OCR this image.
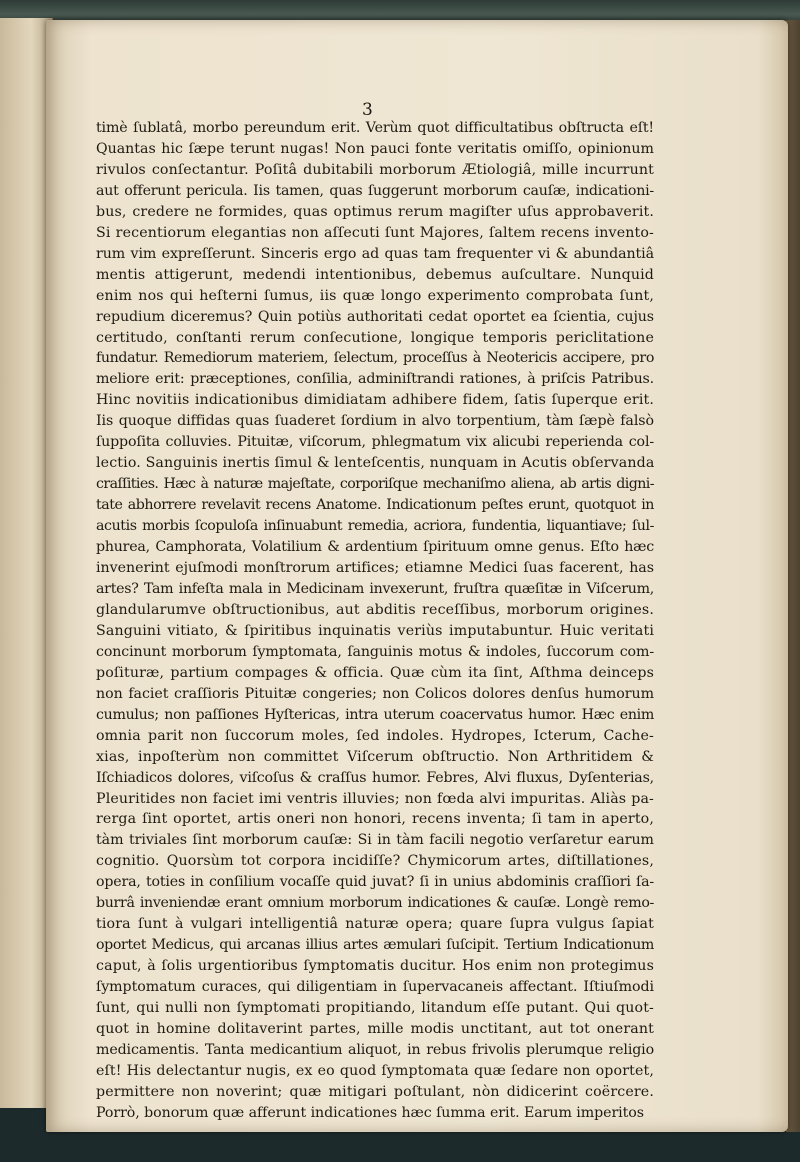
3
timè ſublatâ, morbo pereundum erit. Verùm quot difficultatibus obſtructa eſt!
Quantas hic ſæpe terunt nugas! Non pauci fonte veritatis omiſſo, opinionum
rivulos conſectantur. Poſitâ dubitabili morborum Ætiologiâ, mille incurrunt
aut offerunt pericula. Iis tamen, quas ſuggerunt morborum cauſæ, indicationi-
bus, credere ne formides, quas optimus rerum magiſter uſus approbaverit.
Si recentiorum elegantias non aſſecuti ſunt Majores, ſaltem recens invento-
rum vim expreſſerunt. Sinceris ergo ad quas tam frequenter vi & abundantiâ
mentis attigerunt, medendi intentionibus, debemus auſcultare. Nunquid
enim nos qui heſterni ſumus, iis quæ longo experimento comprobata ſunt,
repudium diceremus? Quin potiùs authoritati cedat oportet ea ſcientia, cujus
certitudo, conſtanti rerum conſecutione, longique temporis periclitatione
fundatur. Remediorum materiem, ſelectum, proceſſus à Neotericis accipere, pro
meliore erit: præceptiones, conſilia, adminiſtrandi rationes, à priſcis Patribus.
Hinc novitiis indicationibus dimidiatam adhibere fidem, ſatis ſuperque erit.
Iis quoque diffidas quas ſuaderet ſordium in alvo torpentium, tàm ſæpè falsò
ſuppoſita colluvies. Pituitæ, viſcorum, phlegmatum vix alicubi reperienda col-
lectio. Sanguinis inertis ſimul & lenteſcentis, nunquam in Acutis obſervanda
craſſities. Hæc à naturæ majeſtate, corporiſque mechaniſmo aliena, ab artis digni-
tate abhorrere revelavit recens Anatome. Indicationum peſtes erunt, quotquot in
acutis morbis ſcopuloſa inſinuabunt remedia, acriora, fundentia, liquantiave; ſul-
phurea, Camphorata, Volatilium & ardentium ſpirituum omne genus. Eſto hæc
invenerint ejuſmodi monſtrorum artifices; etiamne Medici ſuas facerent, has
artes? Tam infeſta mala in Medicinam invexerunt, fruſtra quæſitæ in Viſcerum,
glandularumve obſtructionibus, aut abditis receſſibus, morborum origines.
Sanguini vitiato, & ſpiritibus inquinatis veriùs imputabuntur. Huic veritati
concinunt morborum ſymptomata, ſanguinis motus & indoles, ſuccorum com-
poſituræ, partium compages & officia. Quæ cùm ita ſint, Aſthma deinceps
non faciet craſſioris Pituitæ congeries; non Colicos dolores denſus humorum
cumulus; non paſſiones Hyſtericas, intra uterum coacervatus humor. Hæc enim
omnia parit non ſuccorum moles, ſed indoles. Hydropes, Icterum, Cache-
xias, inpoſterùm non committet Viſcerum obſtructio. Non Arthritidem &
Iſchiadicos dolores, viſcoſus & craſſus humor. Febres, Alvi fluxus, Dyſenterias,
Pleuritides non faciet imi ventris illuvies; non fœda alvi impuritas. Aliàs pa-
rerga ſint oportet, artis oneri non honori, recens inventa; ſi tam in aperto,
tàm triviales ſint morborum cauſæ: Si in tàm facili negotio verſaretur earum
cognitio. Quorsùm tot corpora incidiſſe? Chymicorum artes, diſtillationes,
opera, toties in conſilium vocaſſe quid juvat? ſi in unius abdominis craſſiori ſa-
burrâ inveniendæ erant omnium morborum indicationes & cauſæ. Longè remo-
tiora ſunt à vulgari intelligentiâ naturæ opera; quare ſupra vulgus ſapiat
oportet Medicus, qui arcanas illius artes æmulari ſuſcipit. Tertium Indicationum
caput, à ſolis urgentioribus ſymptomatis ducitur. Hos enim non protegimus
ſymptomatum curaces, qui diligentiam in ſupervacaneis affectant. Iſtiuſmodi
ſunt, qui nulli non ſymptomati propitiando, litandum eſſe putant. Qui quot-
quot in homine dolitaverint partes, mille modis unctitant, aut tot onerant
medicamentis. Tanta medicantium aliquot, in rebus frivolis plerumque religio
eſt! His delectantur nugis, ex eo quod ſymptomata quæ ſedare non oportet,
permittere non noverint; quæ mitigari poſtulant, nòn didicerint coërcere.
Porrò, bonorum quæ afferunt indicationes hæc ſumma erit. Earum imperitos
